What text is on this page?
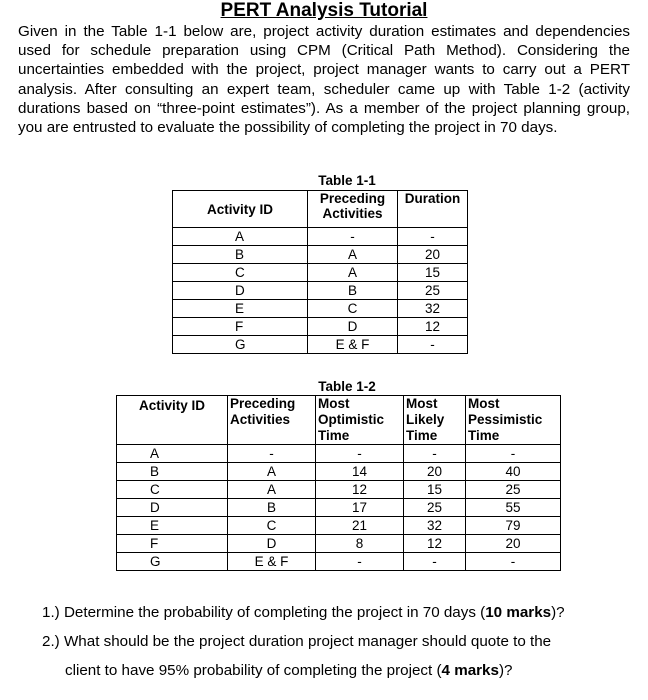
PERT Analysis Tutorial
Given in the Table 1-1 below are, project activity duration estimates and dependencies used for schedule preparation using CPM (Critical Path Method). Considering the uncertainties embedded with the project, project manager wants to carry out a PERT analysis. After consulting an expert team, scheduler came up with Table 1-2 (activity durations based on “three-point estimates”). As a member of the project planning group, you are entrusted to evaluate the possibility of completing the project in 70 days.
Table 1-1
Activity ID	Preceding Activities	Duration
A	-	-
B	A	20
C	A	15
D	B	25
E	C	32
F	D	12
G	E & F	-
Table 1-2
Activity ID	Preceding Activities	Most Optimistic Time	Most Likely Time	Most Pessimistic Time
A	-	-	-	-
B	A	14	20	40
C	A	12	15	25
D	B	17	25	55
E	C	21	32	79
F	D	8	12	20
G	E & F	-	-	-
1.) Determine the probability of completing the project in 70 days (10 marks)?
2.) What should be the project duration project manager should quote to the
client to have 95% probability of completing the project (4 marks)?
